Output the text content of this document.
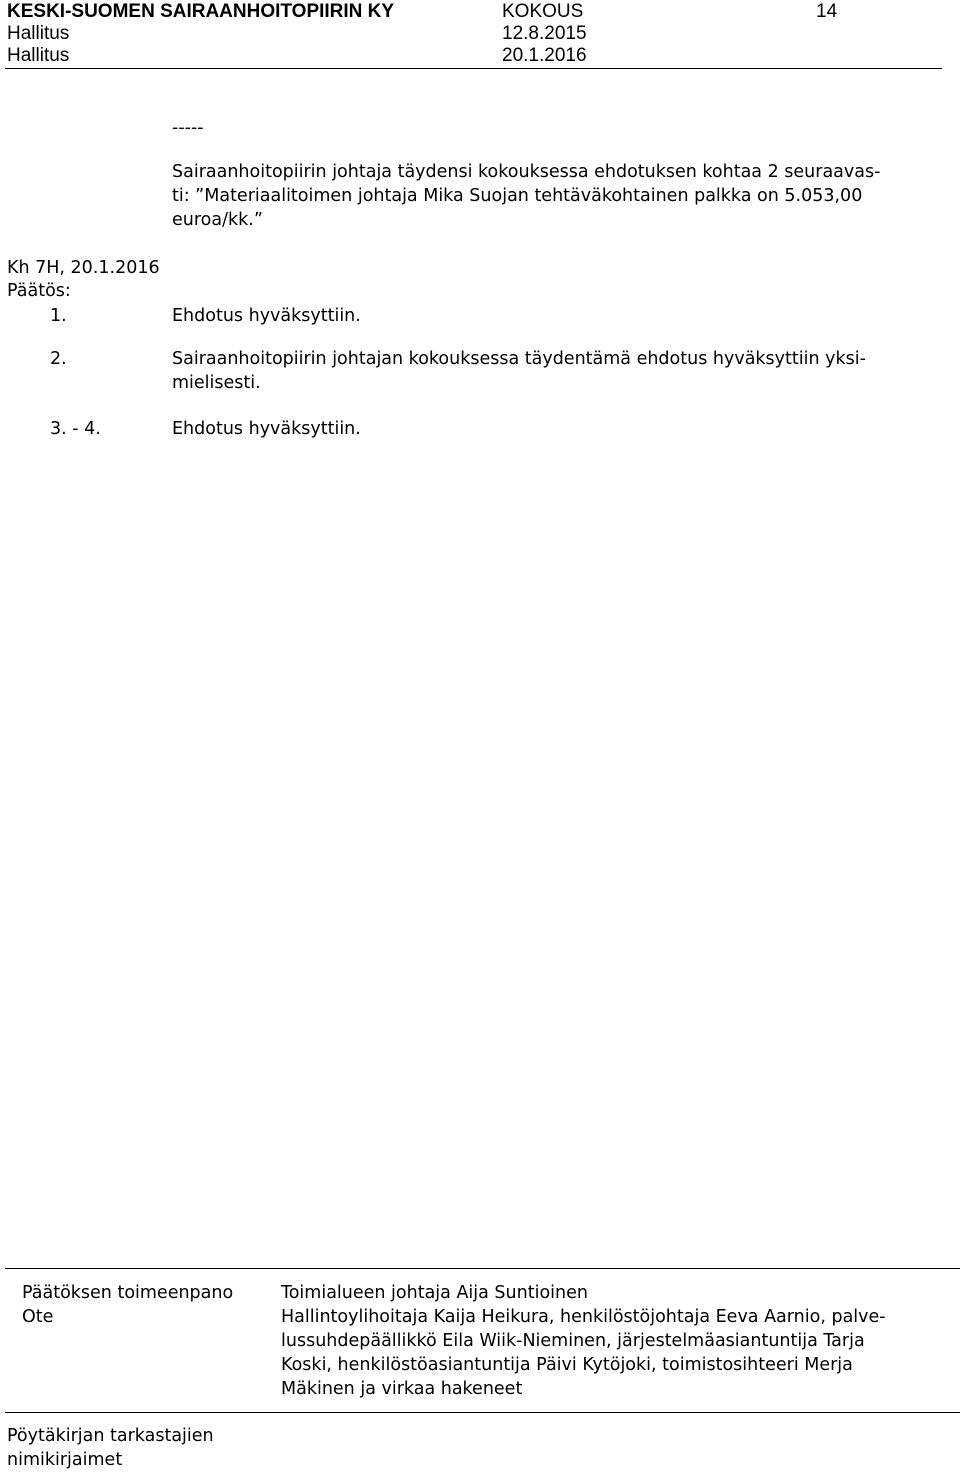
KESKI-SUOMEN SAIRAANHOITOPIIRIN KY	KOKOUS	14
Hallitus	12.8.2015
Hallitus	20.1.2016
-----
Sairaanhoitopiirin johtaja täydensi kokouksessa ehdotuksen kohtaa 2 seuraavas-
ti: ”Materiaalitoimen johtaja Mika Suojan tehtäväkohtainen palkka on 5.053,00
euroa/kk.”
Kh 7H, 20.1.2016
Päätös:
1.	Ehdotus hyväksyttiin.
2.	Sairaanhoitopiirin johtajan kokouksessa täydentämä ehdotus hyväksyttiin yksi-
mielisesti.
3. - 4.	Ehdotus hyväksyttiin.
Päätöksen toimeenpano
Ote
Toimialueen johtaja Aija Suntioinen
Hallintoylihoitaja Kaija Heikura, henkilöstöjohtaja Eeva Aarnio, palve-
lussuhdepäällikkö Eila Wiik-Nieminen, järjestelmäasiantuntija Tarja
Koski, henkilöstöasiantuntija Päivi Kytöjoki, toimistosihteeri Merja
Mäkinen ja virkaa hakeneet
Pöytäkirjan tarkastajien
nimikirjaimet
